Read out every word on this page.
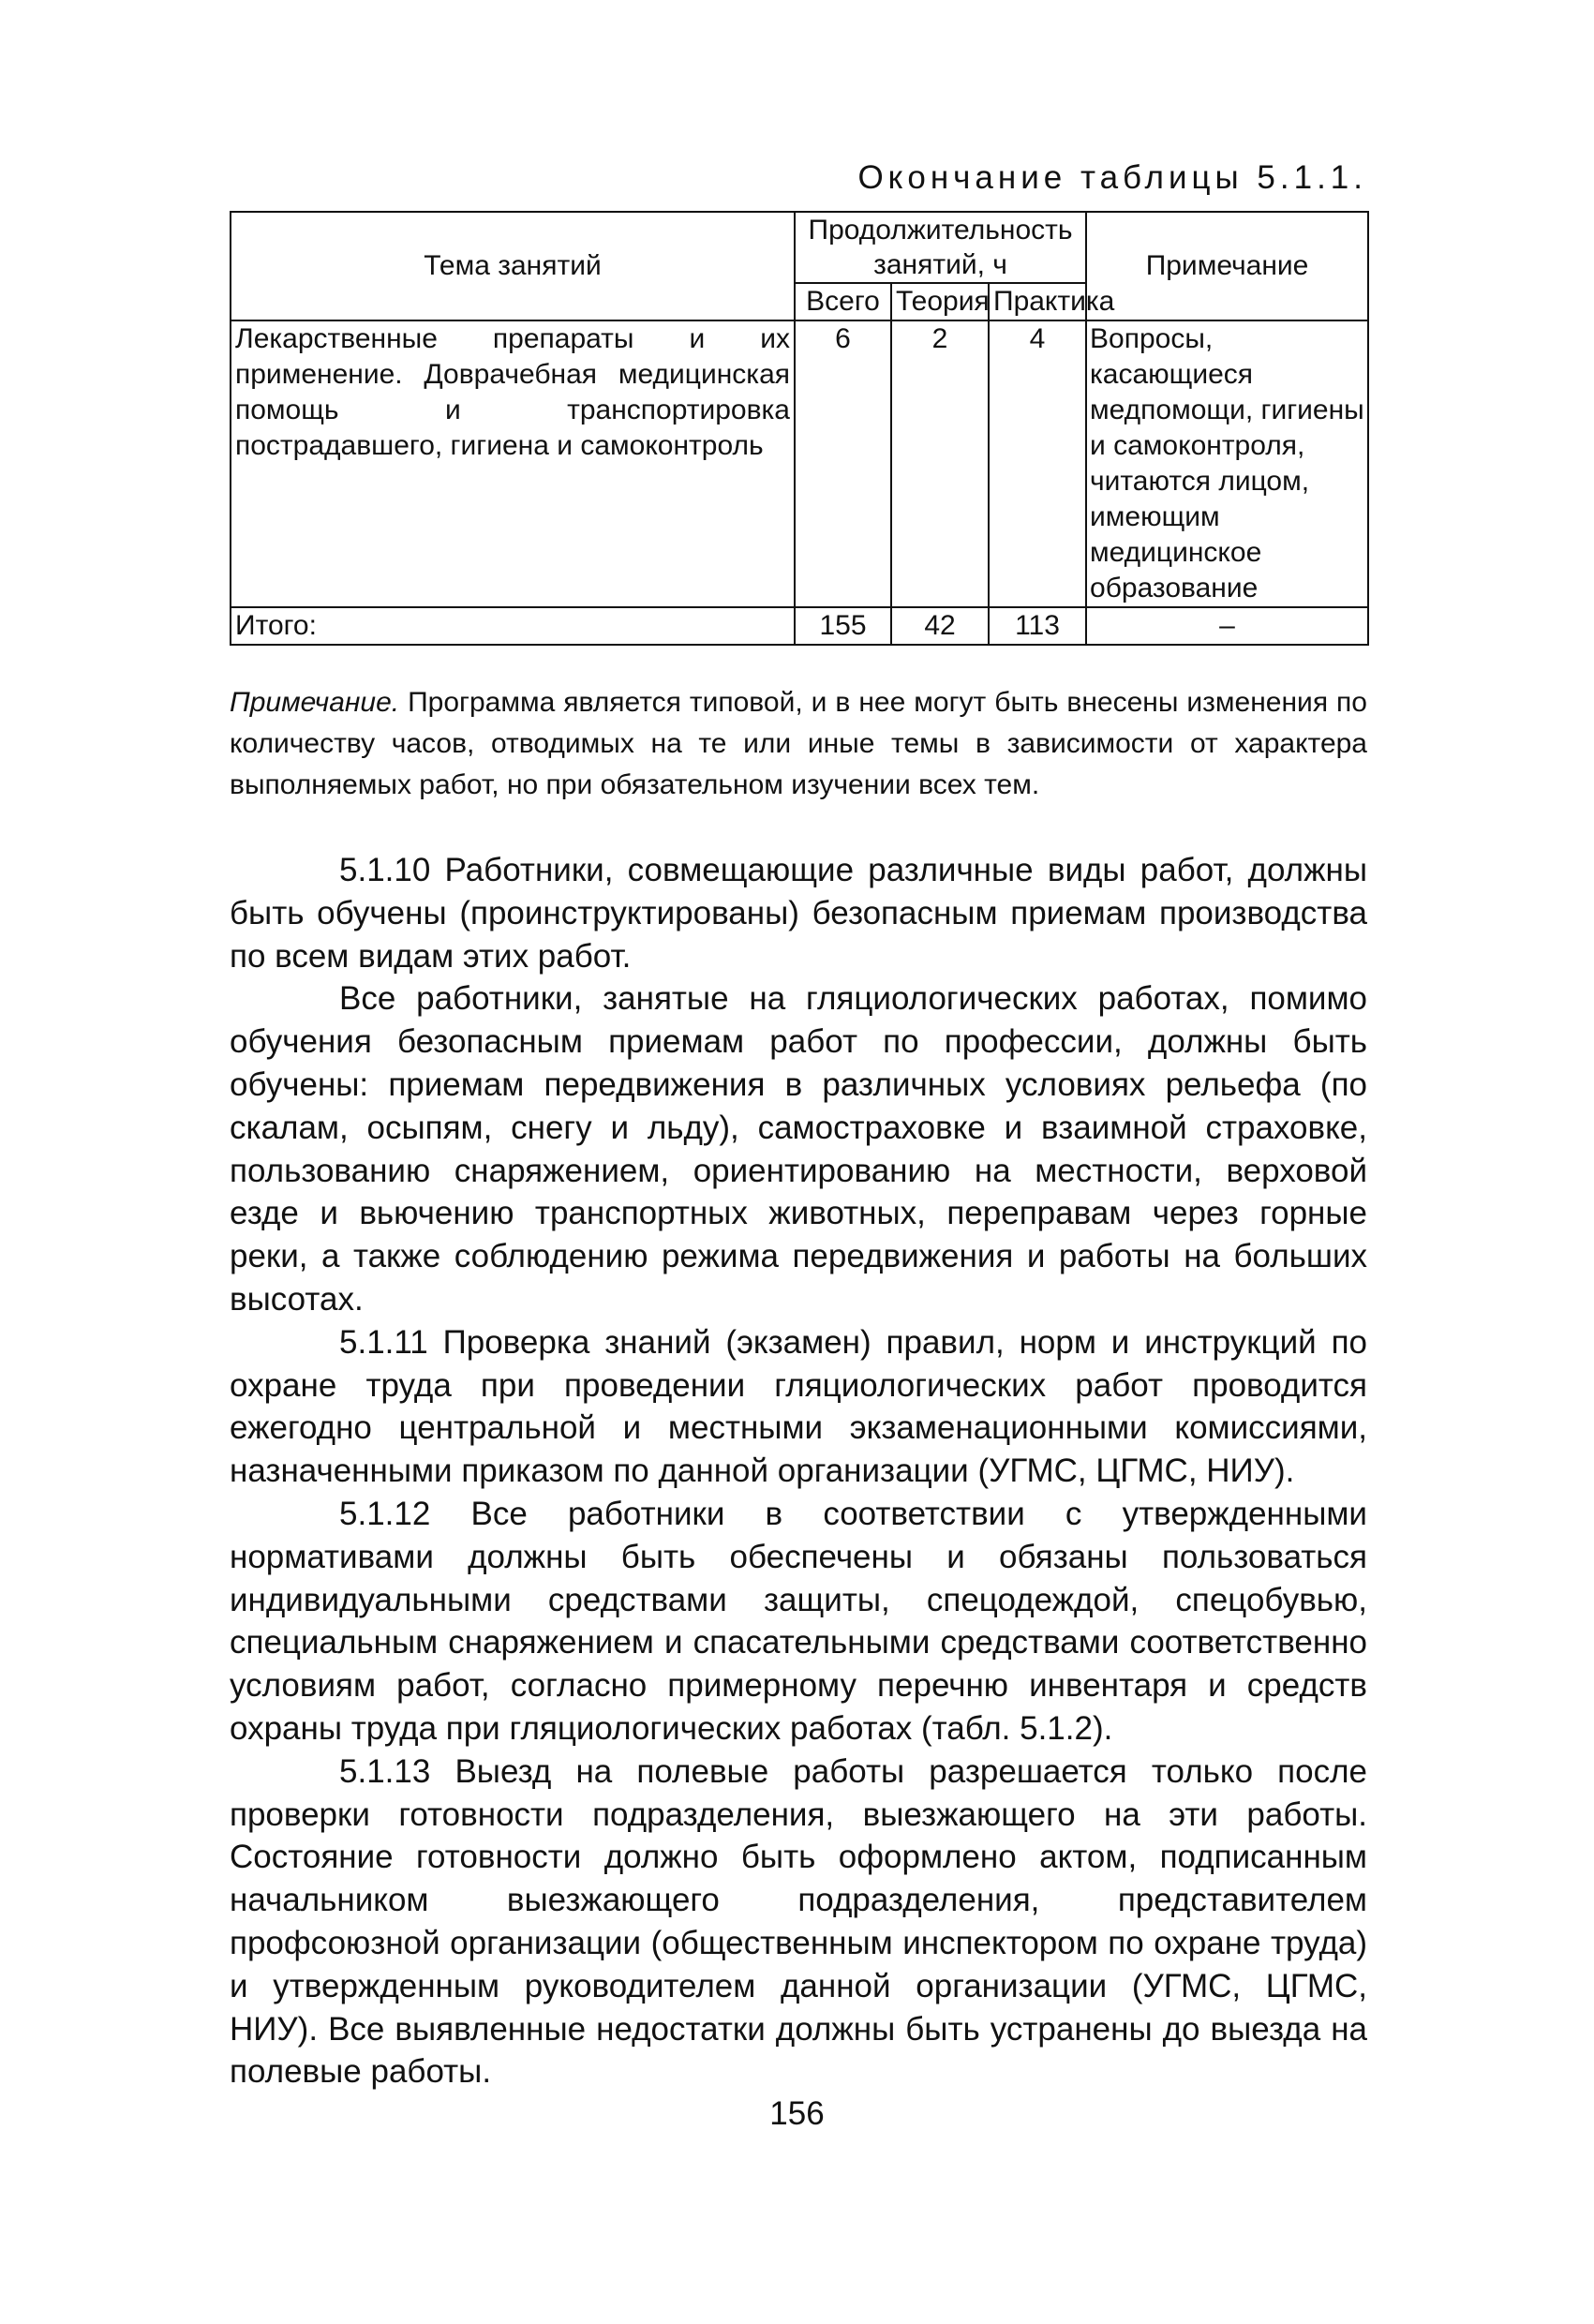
Окончание таблицы 5.1.1.
Тема занятий	Продолжительность занятий, ч			Примечание
	Всего	Теория	Практика	
Лекарственные препараты и их применение. Доврачебная медицинская помощь и транспортировка пострадавшего, гигиена и самоконтроль	6	2	4	Вопросы, касающиеся медпомощи, гигиены и самоконтроля, читаются лицом, имеющим медицинское образование
Итого:	155	42	113	–
Примечание. Программа является типовой, и в нее могут быть внесены изменения по количеству часов, отводимых на те или иные темы в зависимости от характера выполняемых работ, но при обязательном изучении всех тем.

5.1.10 Работники, совмещающие различные виды работ, должны быть обучены (проинструктированы) безопасным приемам производства по всем видам этих работ.

Все работники, занятые на гляциологических работах, помимо обучения безопасным приемам работ по профессии, должны быть обучены: приемам передвижения в различных условиях рельефа (по скалам, осыпям, снегу и льду), самостраховке и взаимной страховке, пользованию снаряжением, ориентированию на местности, верховой езде и вьючению транспортных животных, переправам через горные реки, а также соблюдению режима передвижения и работы на больших высотах.

5.1.11 Проверка знаний (экзамен) правил, норм и инструкций по охране труда при проведении гляциологических работ проводится ежегодно центральной и местными экзаменационными комиссиями, назначенными приказом по данной организации (УГМС, ЦГМС, НИУ).

5.1.12 Все работники в соответствии с утвержденными нормативами должны быть обеспечены и обязаны пользоваться индивидуальными средствами защиты, спецодеждой, спецобувью, специальным снаряжением и спасательными средствами соответственно условиям работ, согласно примерному перечню инвентаря и средств охраны труда при гляциологических работах (табл. 5.1.2).

5.1.13 Выезд на полевые работы разрешается только после проверки готовности подразделения, выезжающего на эти работы. Состояние готовности должно быть оформлено актом, подписанным начальником выезжающего подразделения, представителем профсоюзной организации (общественным инспектором по охране труда) и утвержденным руководителем данной организации (УГМС, ЦГМС, НИУ). Все выявленные недостатки должны быть устранены до выезда на полевые работы.

156
